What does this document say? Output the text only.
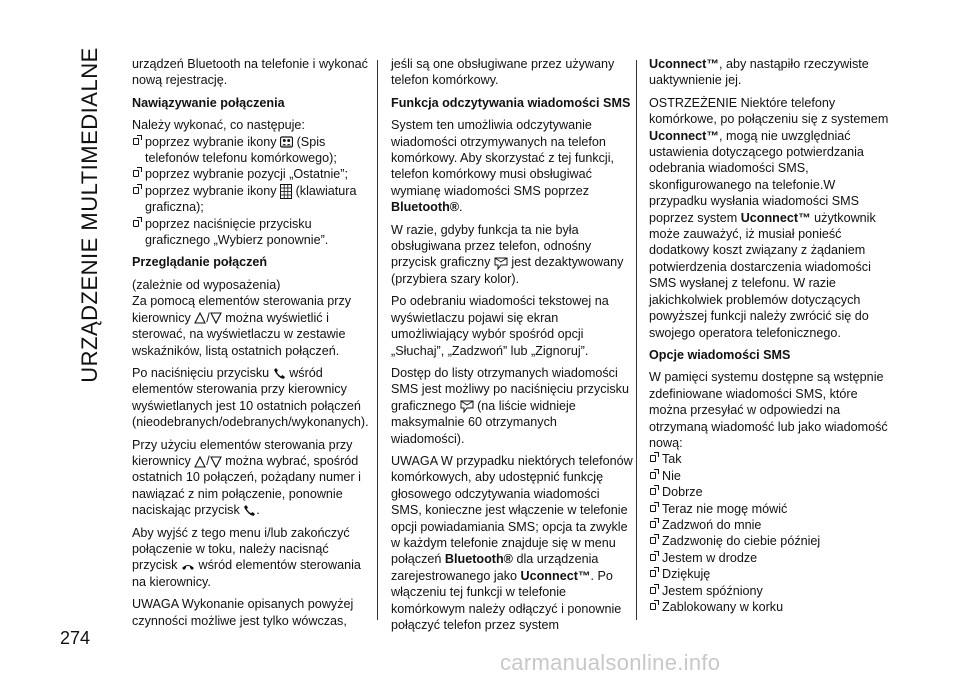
URZĄDZENIE MULTIMEDIALNE urządzeń Bluetooth na telefonie i wykonać nową rejestrację.

Nawiązywanie połączenia

Należy wykonać, co następuje:

poprzez wybranie ikony (Spis telefonów telefonu komórkowego);

poprzez wybranie pozycji „Ostatnie”;

poprzez wybranie ikony (klawiatura graficzna);

poprzez naciśnięcie przycisku graficznego „Wybierz ponownie”.

Przeglądanie połączeń

(zależnie od wyposażenia)

Za pomocą elementów sterowania przy kierownicy / można wyświetlić i sterować, na wyświetlaczu w zestawie wskaźników, listą ostatnich połączeń.

Po naciśnięciu przycisku wśród elementów sterowania przy kierownicy wyświetlanych jest 10 ostatnich połączeń (nieodebranych/odebranych/wykonanych).

Przy użyciu elementów sterowania przy kierownicy / można wybrać, spośród ostatnich 10 połączeń, pożądany numer i nawiązać z nim połączenie, ponownie naciskając przycisk .

Aby wyjść z tego menu i/lub zakończyć połączenie w toku, należy nacisnąć przycisk wśród elementów sterowania na kierownicy.

UWAGA Wykonanie opisanych powyżej czynności możliwe jest tylko wówczas,

jeśli są one obsługiwane przez używany telefon komórkowy.

Funkcja odczytywania wiadomości SMS

System ten umożliwia odczytywanie wiadomości otrzymywanych na telefon komórkowy. Aby skorzystać z tej funkcji, telefon komórkowy musi obsługiwać wymianę wiadomości SMS poprzez Bluetooth®.

W razie, gdyby funkcja ta nie była obsługiwana przez telefon, odnośny przycisk graficzny jest dezaktywowany (przybiera szary kolor).

Po odebraniu wiadomości tekstowej na wyświetlaczu pojawi się ekran umożliwiający wybór spośród opcji „Słuchaj”, „Zadzwoń” lub „Zignoruj”.

Dostęp do listy otrzymanych wiadomości SMS jest możliwy po naciśnięciu przycisku graficznego (na liście widnieje maksymalnie 60 otrzymanych wiadomości).

UWAGA W przypadku niektórych telefonów komórkowych, aby udostępnić funkcję głosowego odczytywania wiadomości SMS, konieczne jest włączenie w telefonie opcji powiadamiania SMS; opcja ta zwykle w każdym telefonie znajduje się w menu połączeń Bluetooth® dla urządzenia zarejestrowanego jako Uconnect™. Po włączeniu tej funkcji w telefonie komórkowym należy odłączyć i ponownie połączyć telefon przez system

Uconnect™, aby nastąpiło rzeczywiste uaktywnienie jej.

OSTRZEŻENIE Niektóre telefony komórkowe, po połączeniu się z systemem Uconnect™, mogą nie uwzględniać ustawienia dotyczącego potwierdzania odebrania wiadomości SMS, skonfigurowanego na telefonie.W przypadku wysłania wiadomości SMS poprzez system Uconnect™ użytkownik może zauważyć, iż musiał ponieść dodatkowy koszt związany z żądaniem potwierdzenia dostarczenia wiadomości SMS wysłanej z telefonu. W razie jakichkolwiek problemów dotyczących powyższej funkcji należy zwrócić się do swojego operatora telefonicznego.

Opcje wiadomości SMS

W pamięci systemu dostępne są wstępnie zdefiniowane wiadomości SMS, które można przesyłać w odpowiedzi na otrzymaną wiadomość lub jako wiadomość nową:

Tak

Nie

Dobrze

Teraz nie mogę mówić

Zadzwoń do mnie

Zadzwonię do ciebie później

Jestem w drodze

Dziękuję

Jestem spóźniony

Zablokowany w korku

274
carmanualsonline.info
